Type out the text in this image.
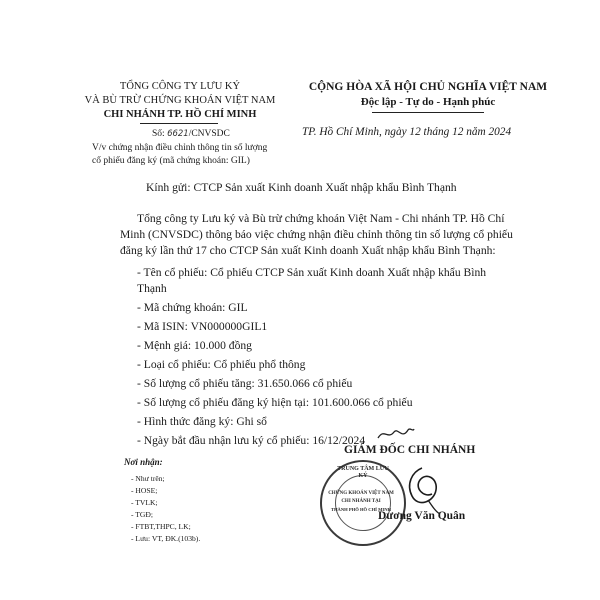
TỔNG CÔNG TY LƯU KÝ
VÀ BÙ TRỪ CHỨNG KHOÁN VIỆT NAM
CHI NHÁNH TP. HỒ CHÍ MINH
Số: 6621/CNVSDC
V/v chứng nhận điều chỉnh thông tin số lượng
cổ phiếu đăng ký (mã chứng khoán: GIL)
CỘNG HÒA XÃ HỘI CHỦ NGHĨA VIỆT NAM
Độc lập - Tự do - Hạnh phúc
TP. Hồ Chí Minh, ngày 12 tháng 12 năm 2024
Kính gửi: CTCP Sản xuất Kinh doanh Xuất nhập khẩu Bình Thạnh
Tổng công ty Lưu ký và Bù trừ chứng khoán Việt Nam - Chi nhánh TP. Hồ Chí
Minh (CNVSDC) thông báo việc chứng nhận điều chỉnh thông tin số lượng cổ phiếu
đăng ký lần thứ 17 cho CTCP Sản xuất Kinh doanh Xuất nhập khẩu Bình Thạnh:
- Tên cổ phiếu: Cổ phiếu CTCP Sản xuất Kinh doanh Xuất nhập khẩu Bình
Thạnh
- Mã chứng khoán: GIL
- Mã ISIN: VN000000GIL1
- Mệnh giá: 10.000 đồng
- Loại cổ phiếu: Cổ phiếu phổ thông
- Số lượng cổ phiếu tăng: 31.650.066 cổ phiếu
- Số lượng cổ phiếu đăng ký hiện tại: 101.600.066 cổ phiếu
- Hình thức đăng ký: Ghi sổ
- Ngày bắt đầu nhận lưu ký cổ phiếu: 16/12/2024
GIÁM ĐỐC CHI NHÁNH
Nơi nhận:
- Như trên;
- HOSE;
- TVLK;
- TGĐ;
- FTBT,THPC, LK;
- Lưu: VT, ĐK.(103b).
TRUNG TÂM LƯU KÝ
CHỨNG KHOÁN VIỆT NAM
CHI NHÁNH TẠI
THÀNH PHỐ HỒ CHÍ MINH
Dương Văn Quân
